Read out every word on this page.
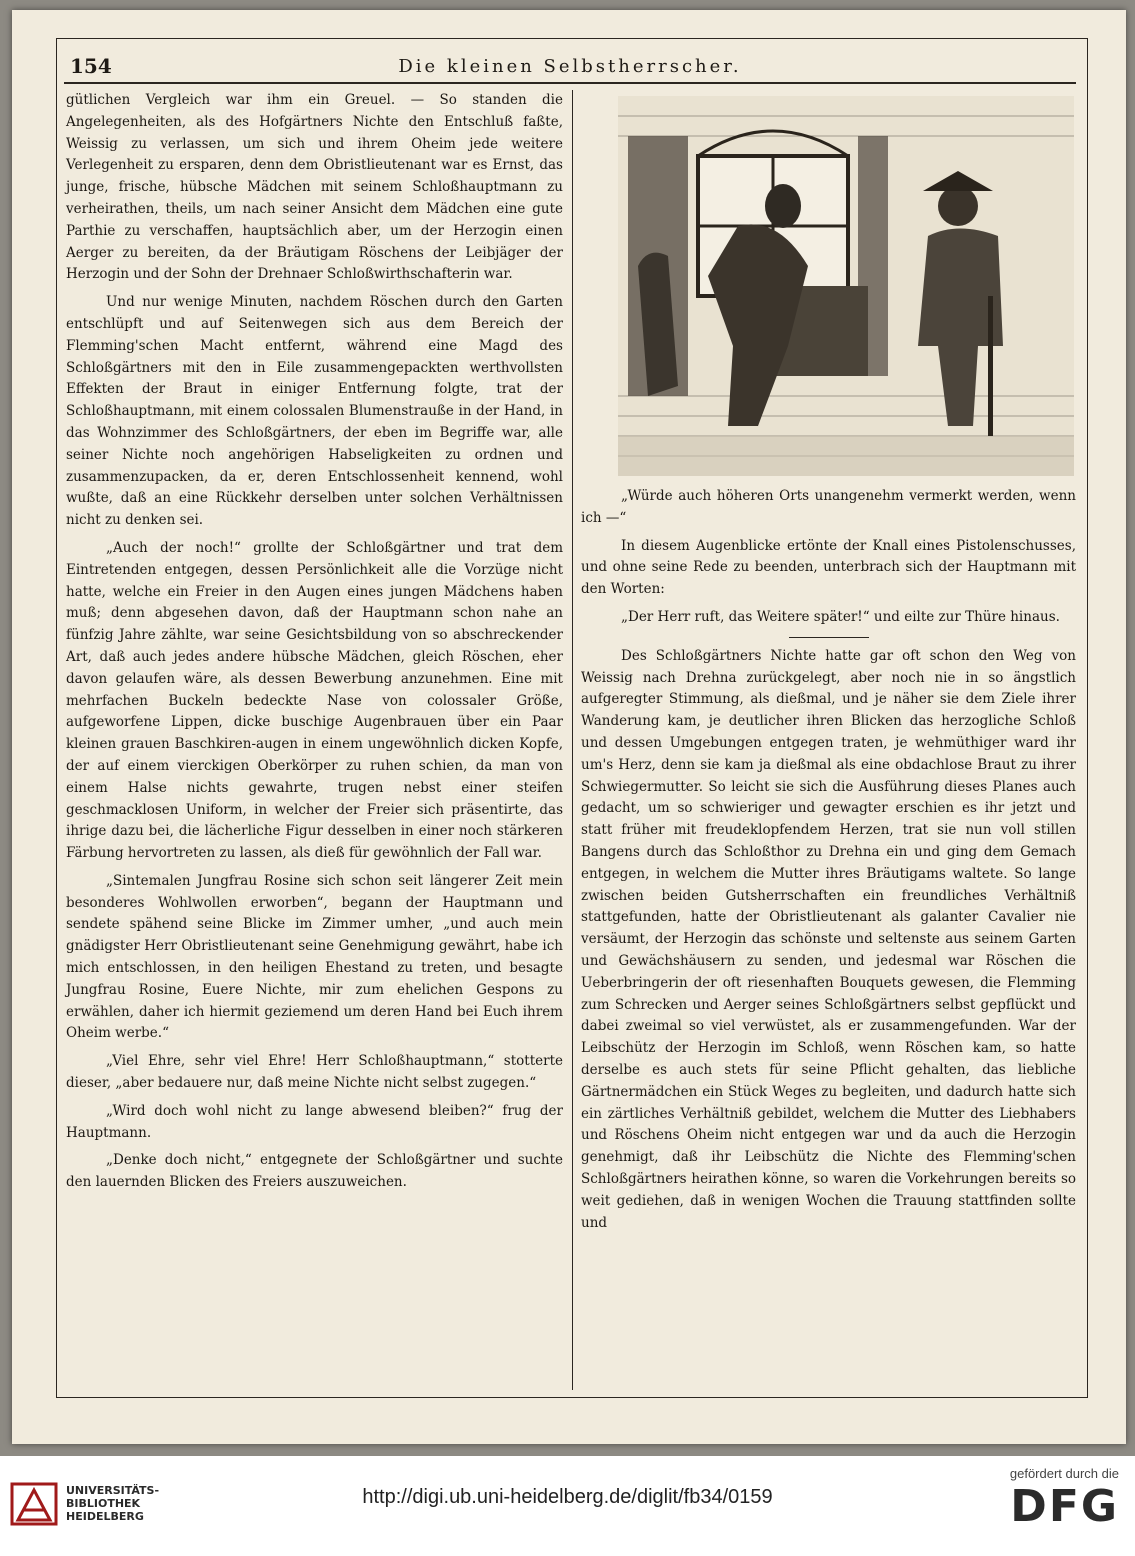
154	Die kleinen Selbstherrscher.

gütlichen Vergleich war ihm ein Greuel. — So standen die Angelegenheiten, als des Hofgärtners Nichte den Entschluß faßte, Weissig zu verlassen, um sich und ihrem Oheim jede weitere Verlegenheit zu ersparen, denn dem Obristlieutenant war es Ernst, das junge, frische, hübsche Mädchen mit seinem Schloßhauptmann zu verheirathen, theils, um nach seiner Ansicht dem Mädchen eine gute Parthie zu verschaffen, hauptsächlich aber, um der Herzogin einen Aerger zu bereiten, da der Bräutigam Röschens der Leibjäger der Herzogin und der Sohn der Drehnaer Schloßwirthschafterin war.

Und nur wenige Minuten, nachdem Röschen durch den Garten entschlüpft und auf Seitenwegen sich aus dem Bereich der Flemming'schen Macht entfernt, während eine Magd des Schloßgärtners mit den in Eile zusammengepackten werthvollsten Effekten der Braut in einiger Entfernung folgte, trat der Schloßhauptmann, mit einem colossalen Blumenstrauße in der Hand, in das Wohnzimmer des Schloßgärtners, der eben im Begriffe war, alle seiner Nichte noch angehörigen Habseligkeiten zu ordnen und zusammenzupacken, da er, deren Entschlossenheit kennend, wohl wußte, daß an eine Rückkehr derselben unter solchen Verhältnissen nicht zu denken sei.

„Auch der noch!“ grollte der Schloßgärtner und trat dem Eintretenden entgegen, dessen Persönlichkeit alle die Vorzüge nicht hatte, welche ein Freier in den Augen eines jungen Mädchens haben muß; denn abgesehen davon, daß der Hauptmann schon nahe an fünfzig Jahre zählte, war seine Gesichtsbildung von so abschreckender Art, daß auch jedes andere hübsche Mädchen, gleich Röschen, eher davon gelaufen wäre, als dessen Bewerbung anzunehmen. Eine mit mehrfachen Buckeln bedeckte Nase von colossaler Größe, aufgeworfene Lippen, dicke buschige Augenbrauen über ein Paar kleinen grauen Baschkiren-augen in einem ungewöhnlich dicken Kopfe, der auf einem vierckigen Oberkörper zu ruhen schien, da man von einem Halse nichts gewahrte, trugen nebst einer steifen geschmacklosen Uniform, in welcher der Freier sich präsentirte, das ihrige dazu bei, die lächerliche Figur desselben in einer noch stärkeren Färbung hervortreten zu lassen, als dieß für gewöhnlich der Fall war.

„Sintemalen Jungfrau Rosine sich schon seit längerer Zeit mein besonderes Wohlwollen erworben“, begann der Hauptmann und sendete spähend seine Blicke im Zimmer umher, „und auch mein gnädigster Herr Obristlieutenant seine Genehmigung gewährt, habe ich mich entschlossen, in den heiligen Ehestand zu treten, und besagte Jungfrau Rosine, Euere Nichte, mir zum ehelichen Gespons zu erwählen, daher ich hiermit geziemend um deren Hand bei Euch ihrem Oheim werbe.“

„Viel Ehre, sehr viel Ehre! Herr Schloßhauptmann,“ stotterte dieser, „aber bedauere nur, daß meine Nichte nicht selbst zugegen.“

„Wird doch wohl nicht zu lange abwesend bleiben?“ frug der Hauptmann.

„Denke doch nicht,“ entgegnete der Schloßgärtner und suchte den lauernden Blicken des Freiers auszuweichen.

„Würde auch höheren Orts unangenehm vermerkt werden, wenn ich —“

In diesem Augenblicke ertönte der Knall eines Pistolenschusses, und ohne seine Rede zu beenden, unterbrach sich der Hauptmann mit den Worten:

„Der Herr ruft, das Weitere später!“ und eilte zur Thüre hinaus.

Des Schloßgärtners Nichte hatte gar oft schon den Weg von Weissig nach Drehna zurückgelegt, aber noch nie in so ängstlich aufgeregter Stimmung, als dießmal, und je näher sie dem Ziele ihrer Wanderung kam, je deutlicher ihren Blicken das herzogliche Schloß und dessen Umgebungen entgegen traten, je wehmüthiger ward ihr um's Herz, denn sie kam ja dießmal als eine obdachlose Braut zu ihrer Schwiegermutter. So leicht sie sich die Ausführung dieses Planes auch gedacht, um so schwieriger und gewagter erschien es ihr jetzt und statt früher mit freudeklopfendem Herzen, trat sie nun voll stillen Bangens durch das Schloßthor zu Drehna ein und ging dem Gemach entgegen, in welchem die Mutter ihres Bräutigams waltete. So lange zwischen beiden Gutsherrschaften ein freundliches Verhältniß stattgefunden, hatte der Obristlieutenant als galanter Cavalier nie versäumt, der Herzogin das schönste und seltenste aus seinem Garten und Gewächshäusern zu senden, und jedesmal war Röschen die Ueberbringerin der oft riesenhaften Bouquets gewesen, die Flemming zum Schrecken und Aerger seines Schloßgärtners selbst gepflückt und dabei zweimal so viel verwüstet, als er zusammengefunden. War der Leibschütz der Herzogin im Schloß, wenn Röschen kam, so hatte derselbe es auch stets für seine Pflicht gehalten, das liebliche Gärtnermädchen ein Stück Weges zu begleiten, und dadurch hatte sich ein zärtliches Verhältniß gebildet, welchem die Mutter des Liebhabers und Röschens Oheim nicht entgegen war und da auch die Herzogin genehmigt, daß ihr Leibschütz die Nichte des Flemming'schen Schloßgärtners heirathen könne, so waren die Vorkehrungen bereits so weit gediehen, daß in wenigen Wochen die Trauung stattfinden sollte und

UNIVERSITÄTS-
BIBLIOTHEK
HEIDELBERG
http://digi.ub.uni-heidelberg.de/diglit/fb34/0159
gefördert durch die
DFG
